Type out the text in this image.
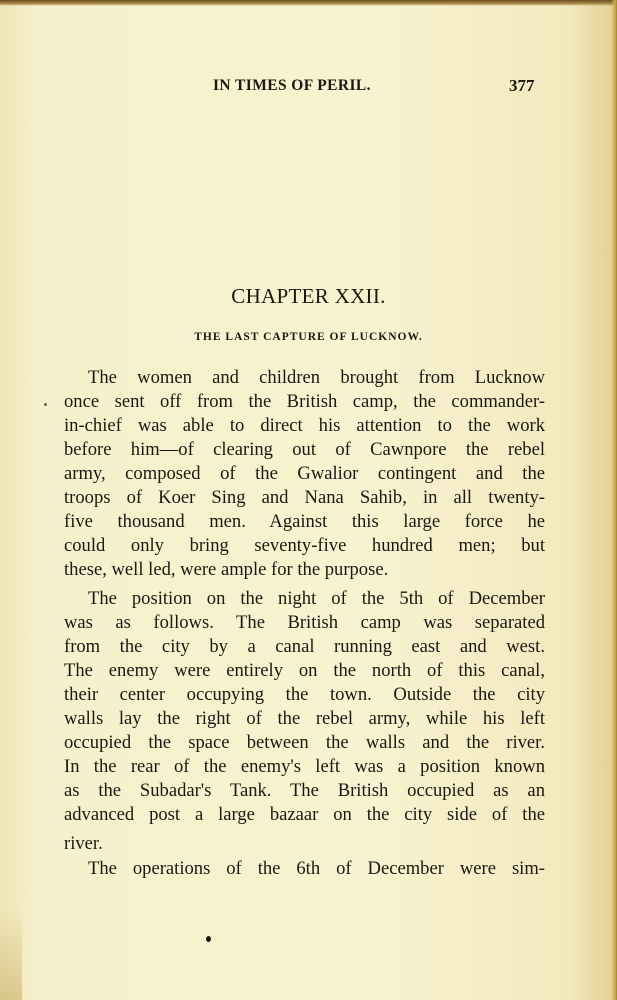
IN TIMES OF PERIL.	377
CHAPTER XXII.
THE LAST CAPTURE OF LUCKNOW.
The women and children brought from Lucknow
once sent off from the British camp, the commander-
in-chief was able to direct his attention to the work
before him—of clearing out of Cawnpore the rebel
army, composed of the Gwalior contingent and the
troops of Koer Sing and Nana Sahib, in all twenty-
five thousand men. Against this large force he
could only bring seventy-five hundred men; but
these, well led, were ample for the purpose.
The position on the night of the 5th of December
was as follows. The British camp was separated
from the city by a canal running east and west.
The enemy were entirely on the north of this canal,
their center occupying the town. Outside the city
walls lay the right of the rebel army, while his left
occupied the space between the walls and the river.
In the rear of the enemy's left was a position known
as the Subadar's Tank. The British occupied as an
advanced post a large bazaar on the city side of the
river.
The operations of the 6th of December were sim-
